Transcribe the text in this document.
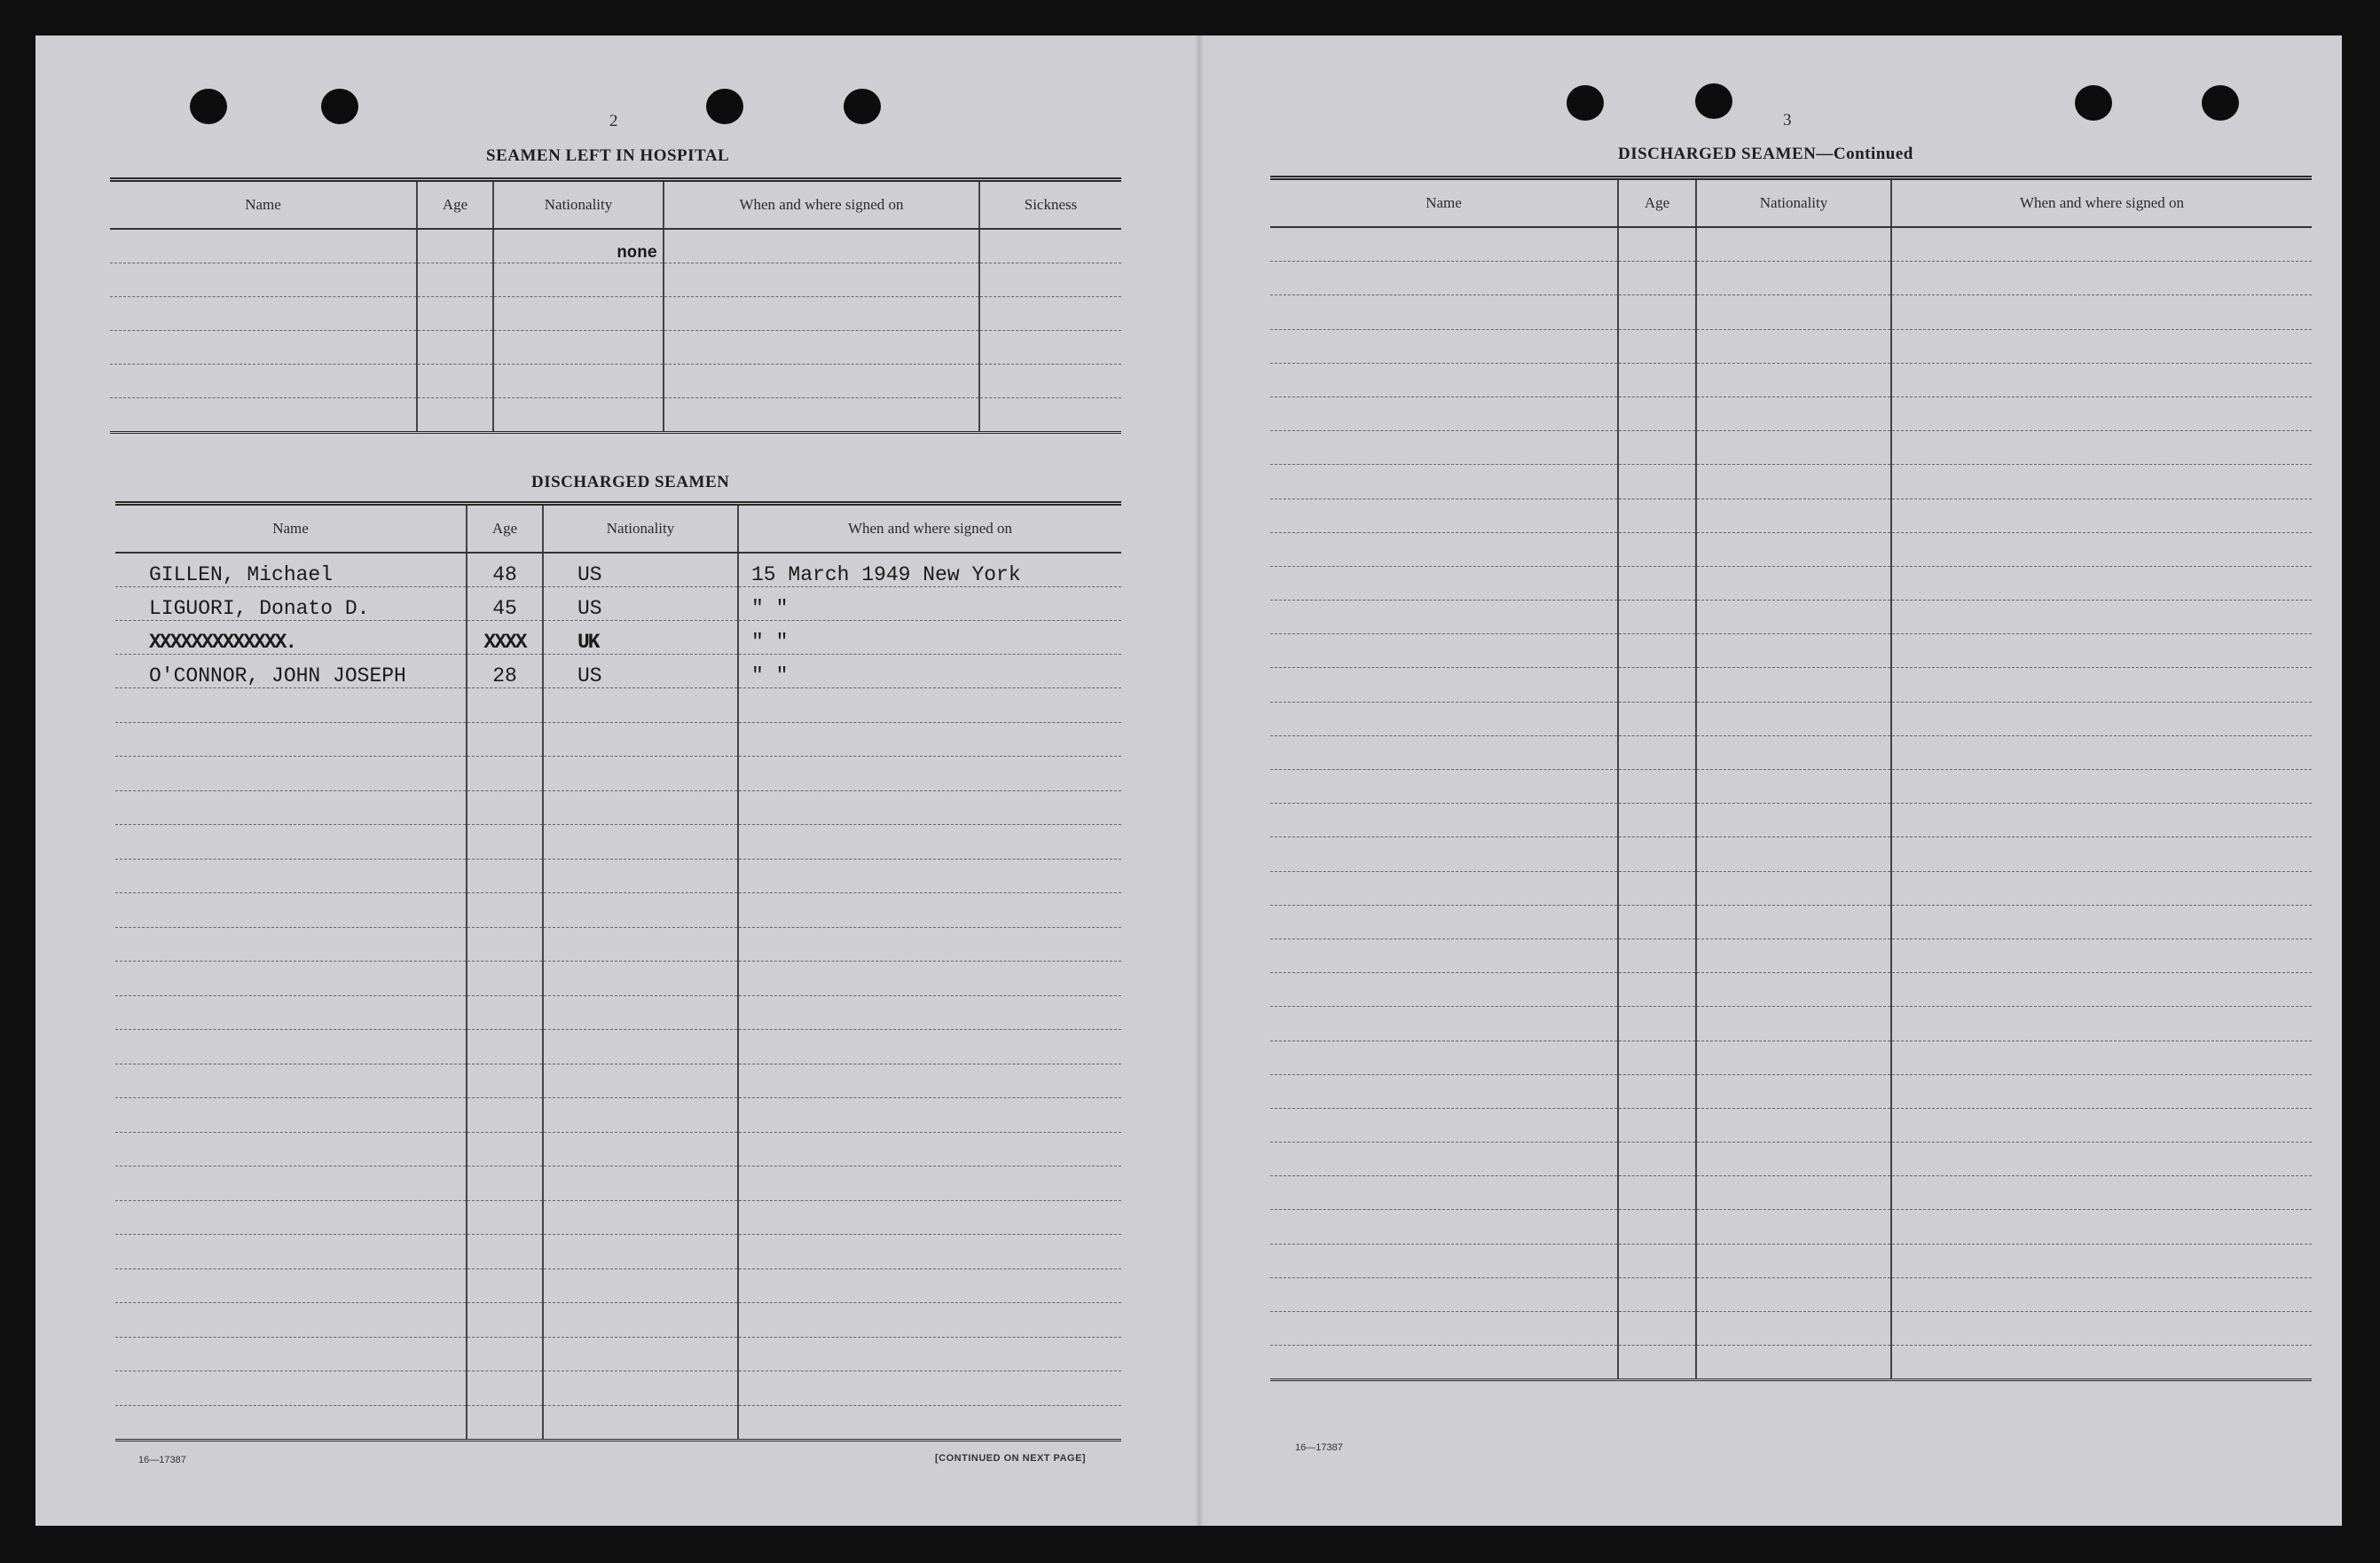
2
SEAMEN LEFT IN HOSPITAL
Name	Age	Nationality	When and where signed on	Sickness
		none		

DISCHARGED SEAMEN
Name	Age	Nationality	When and where signed on
GILLEN, Michael	48	US	15 March 1949 New York
LIGUORI, Donato D.	45	US	" "
XXXXXXXXXXXXX.	XXXX	UK	" "
O'CONNOR, JOHN JOSEPH	28	US	" "

16—17387	[CONTINUED ON NEXT PAGE]
3
DISCHARGED SEAMEN—Continued
Name	Age	Nationality	When and where signed on

16—17387
